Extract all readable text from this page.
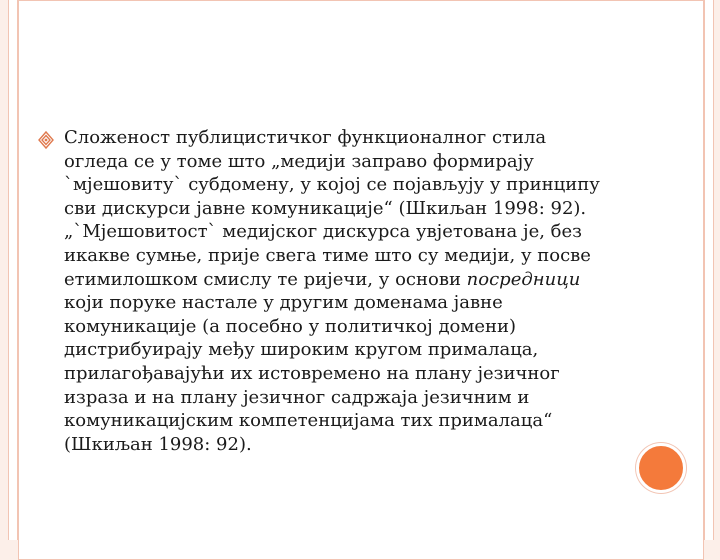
Сложеност публицистичког функционалног стила огледа се у томе што „медији заправо формирају `мјешовиту` субдомену, у којој се појављују у принципу сви дискурси јавне комуникације“ (Шкиљан 1998: 92). „`Мјешовитост` медијског дискурса увјетована је, без икакве сумње, прије свега тиме што су медији, у посве етимилошком смислу те ријечи, у основи посредници који поруке настале у другим доменама јавне комуникације (а посебно у политичкој домени) дистрибуирају међу широким кругом прималаца, прилагођавајући их истовремено на плану језичног израза и на плану језичног садржаја језичним и комуникацијским компетенцијама тих прималаца“ (Шкиљан 1998: 92).
